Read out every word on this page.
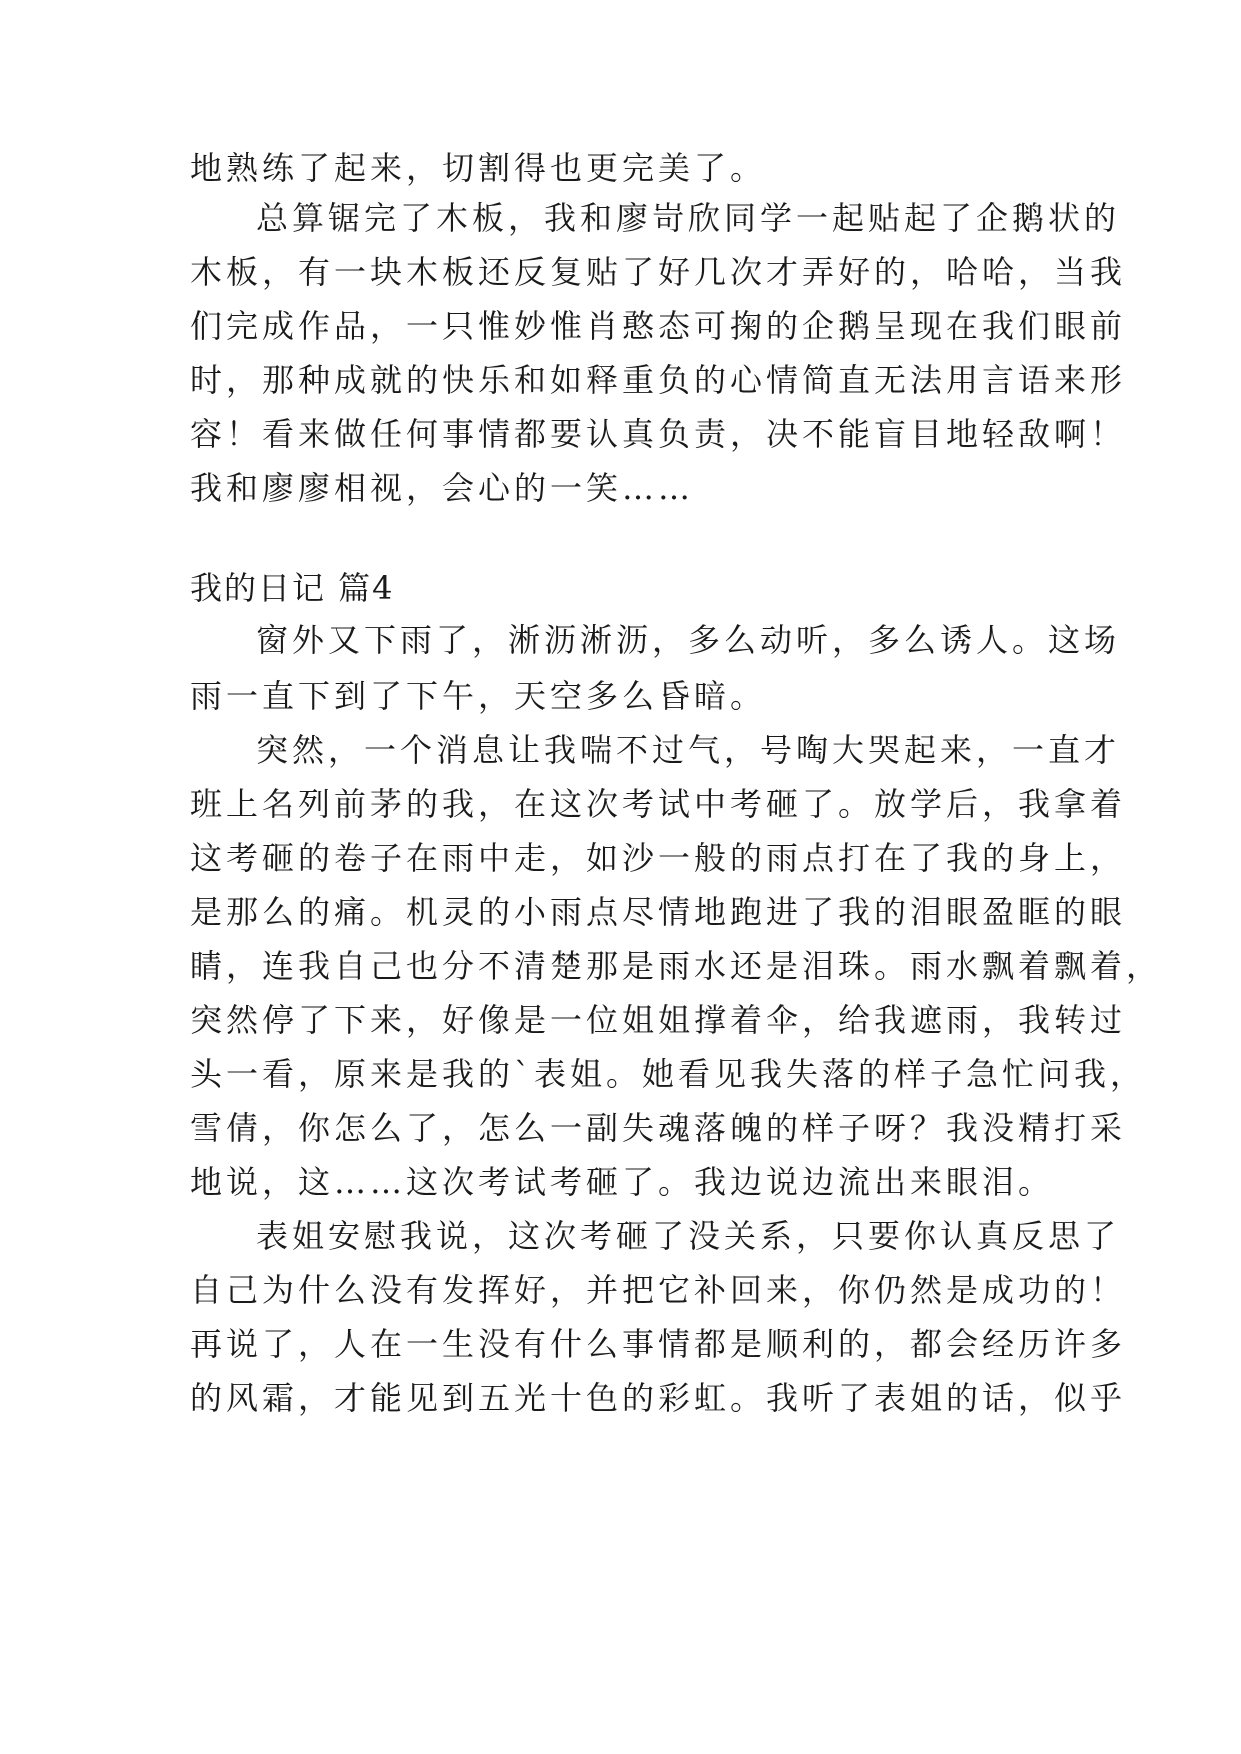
地熟练了起来，切割得也更完美了。
总算锯完了木板，我和廖岢欣同学一起贴起了企鹅状的
木板，有一块木板还反复贴了好几次才弄好的，哈哈，当我
们完成作品，一只惟妙惟肖憨态可掬的企鹅呈现在我们眼前
时，那种成就的快乐和如释重负的心情简直无法用言语来形
容！看来做任何事情都要认真负责，决不能盲目地轻敌啊！
我和廖廖相视，会心的一笑……
我的日记 篇4
窗外又下雨了，淅沥淅沥，多么动听，多么诱人。这场
雨一直下到了下午，天空多么昏暗。
突然，一个消息让我喘不过气，号啕大哭起来，一直才
班上名列前茅的我，在这次考试中考砸了。放学后，我拿着
这考砸的卷子在雨中走，如沙一般的雨点打在了我的身上，
是那么的痛。机灵的小雨点尽情地跑进了我的泪眼盈眶的眼
睛，连我自己也分不清楚那是雨水还是泪珠。雨水飘着飘着，
突然停了下来，好像是一位姐姐撑着伞，给我遮雨，我转过
头一看，原来是我的`表姐。她看见我失落的样子急忙问我，
雪倩，你怎么了，怎么一副失魂落魄的样子呀？我没精打采
地说，这……这次考试考砸了。我边说边流出来眼泪。
表姐安慰我说，这次考砸了没关系，只要你认真反思了
自己为什么没有发挥好，并把它补回来，你仍然是成功的！
再说了，人在一生没有什么事情都是顺利的，都会经历许多
的风霜，才能见到五光十色的彩虹。我听了表姐的话，似乎
